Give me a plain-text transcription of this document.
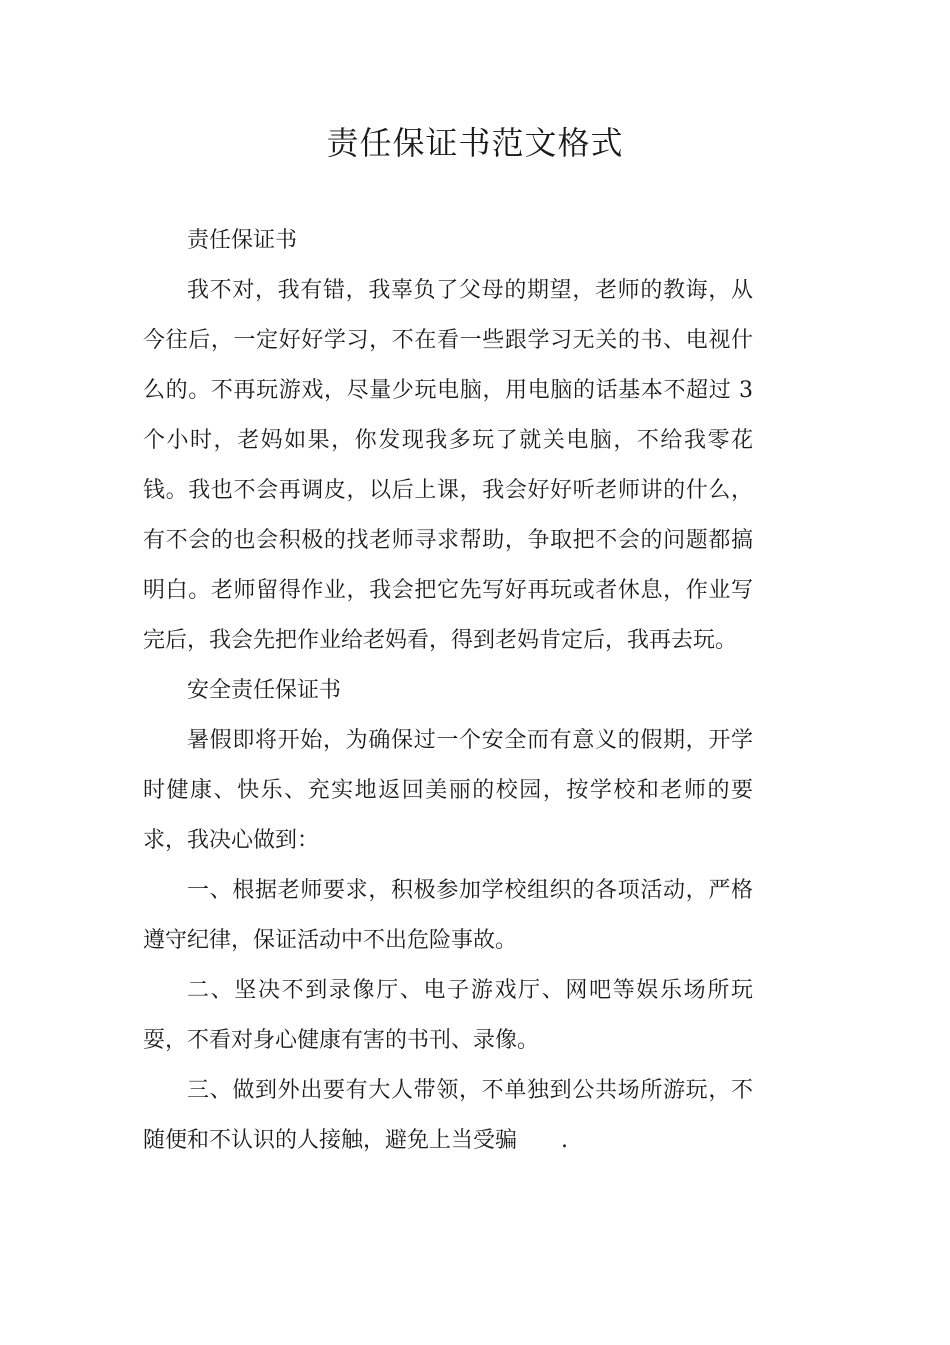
责任保证书范文格式

责任保证书

我不对，我有错，我辜负了父母的期望，老师的教诲，从今往后，一定好好学习，不在看一些跟学习无关的书、电视什么的。不再玩游戏，尽量少玩电脑，用电脑的话基本不超过 3 个小时，老妈如果，你发现我多玩了就关电脑，不给我零花钱。我也不会再调皮，以后上课，我会好好听老师讲的什么，有不会的也会积极的找老师寻求帮助，争取把不会的问题都搞明白。老师留得作业，我会把它先写好再玩或者休息，作业写完后，我会先把作业给老妈看，得到老妈肯定后，我再去玩。

安全责任保证书

暑假即将开始，为确保过一个安全而有意义的假期，开学时健康、快乐、充实地返回美丽的校园，按学校和老师的要求，我决心做到：

一、根据老师要求，积极参加学校组织的各项活动，严格遵守纪律，保证活动中不出危险事故。

二、坚决不到录像厅、电子游戏厅、网吧等娱乐场所玩耍，不看对身心健康有害的书刊、录像。

三、做到外出要有大人带领，不单独到公共场所游玩，不随便和不认识的人接触，避免上当受骗　　.
